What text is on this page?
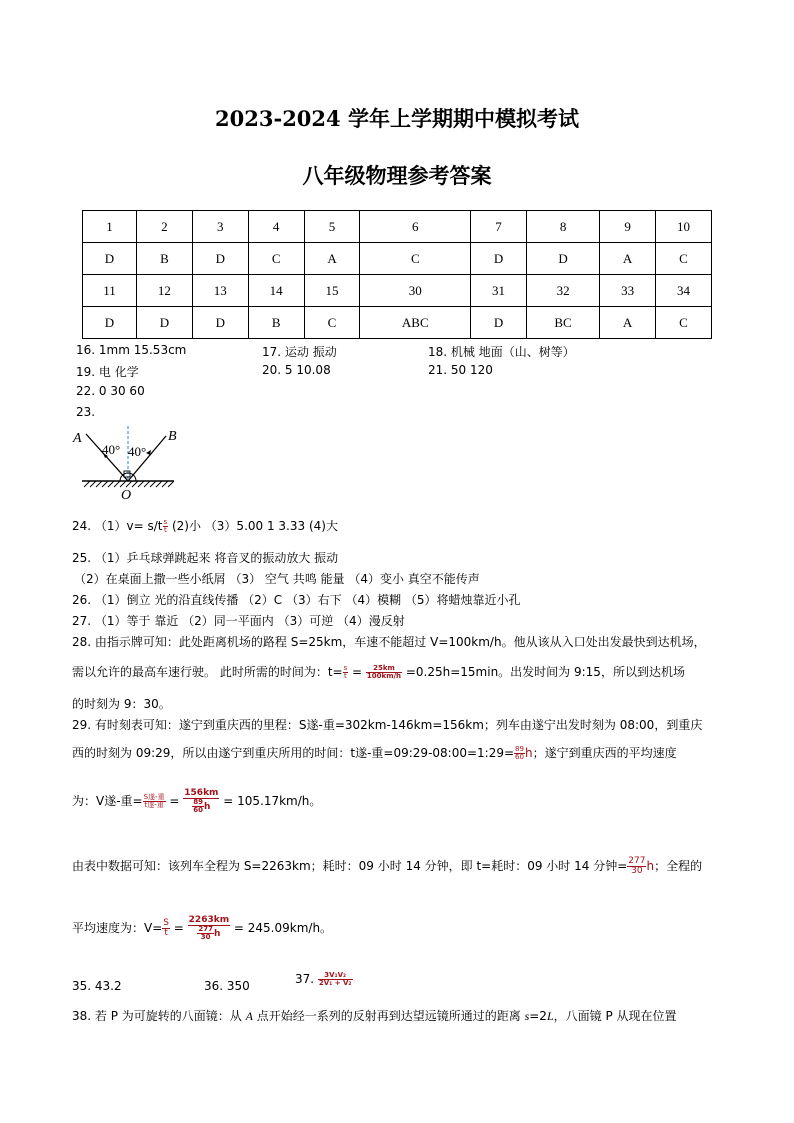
2023-2024 学年上学期期中模拟考试
八年级物理参考答案
1	2	3	4	5	6	7	8	9	10
D	B	D	C	A	C	D	D	A	C
11	12	13	14	15	30	31	32	33	34
D	D	D	B	C	ABC	D	BC	A	C
16. 1mm 15.53cm	17. 运动 振动	18. 机械 地面（山、树等）
19. 电 化学	20. 5 10.08	21. 50 120
22. 0 30 60
23.
A	B
O
40° 40°
24. $(1)v= s/t \frac{s}{t} (2)$小 （3）5.00 1 3.33 (4)大
25. （1）乒乓球弹跳起来 将音叉的振动放大 振动
（2）在桌面上撒一些小纸屑 （3） 空气 共鸣 能量 （4）变小 真空不能传声
26. （1）倒立 光的沿直线传播 （2）C （3）右下 （4）模糊 （5）将蜡烛靠近小孔
27. （1）等于 靠近 （2）同一平面内 （3）可逆 （4）漫反射
28. 由指示牌可知：此处距离机场的路程 S=25km，车速不能超过 V=100km/h。他从该从入口处出发最快到达机场，
需以允许的最高车速行驶。 此时所需的时间为：$t= \frac{s}{t} = \frac{25km}{100km/h} =0.25h=15\min$。出发时间为 9:15，所以到达机场
的时刻为 9：30。
29. 有时刻表可知：遂宁到重庆西的里程：S遂-重=302km-146km=156km；列车由遂宁出发时刻为 08:00，到重庆
西的时刻为 09:29，所以由遂宁到重庆所用的时间：t遂-重=09:29-08:00=1:29= $\frac{89}{60}$ h；遂宁到重庆西的平均速度
为：V遂-重= $\frac{\text{S遂-重}}{\text{t遂-重}} = \frac{156km}{\frac{89}{60} h} = 105.17km/h$。
由表中数据可知：该列车全程为 S=2263km；耗时：09 小时 14 分钟，即 t=耗时：09 小时 14 分钟= $\frac{277}{30}$ h；全程的
平均速度为：$V= \frac{S}{t} = \frac{2263km}{\frac{277}{30} h} = 245.09km/h$。
35. 43.2	36. 350	37. $\frac{\text{3V₁V₂}}{\text{2V₁ + V₂}}$
38. 若 P 为可旋转的八面镜：从 A 点开始经一系列的反射再到达望远镜所通过的距离 s=2L，八面镜 P 从现在位置
